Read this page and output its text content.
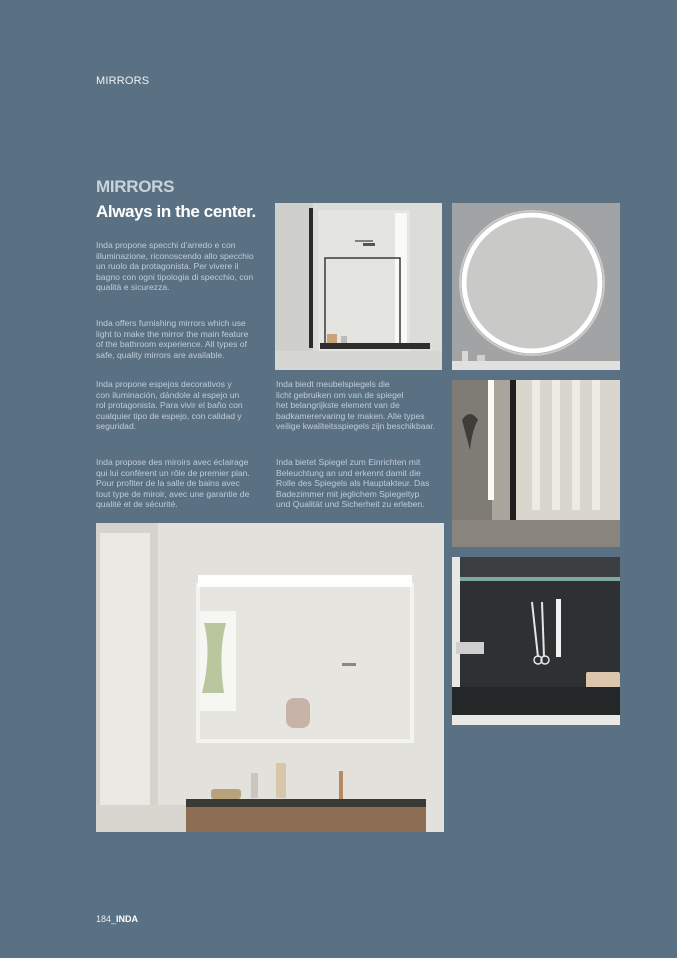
MIRRORS
MIRRORS
Always in the center.
Inda propone specchi d’arredo e con
illuminazione, riconoscendo allo specchio
un ruolo da protagonista. Per vivere il
bagno con ogni tipologia di specchio, con
qualità e sicurezza.
Inda offers furnishing mirrors which use
light to make the mirror the main feature
of the bathroom experience. All types of
safe, quality mirrors are available.
Inda propone espejos decorativos y
con iluminación, dándole al espejo un
rol protagonista. Para vivir el baño con
cualquier tipo de espejo, con calidad y
seguridad.
Inda propose des miroirs avec éclairage
qui lui confèrent un rôle de premier plan.
Pour profiter de la salle de bains avec
tout type de miroir, avec une garantie de
qualité et de sécurité.
Inda biedt meubelspiegels die
licht gebruiken om van de spiegel
het belangrijkste element van de
badkamerervaring te maken. Alle types
veilige kwaliteitsspiegels zijn beschikbaar.
Inda bietet Spiegel zum Einrichten mit
Beleuchtung an und erkennt damit die
Rolle des Spiegels als Hauptakteur. Das
Badezimmer mit jeglichem Spiegeltyp
und Qualität und Sicherheit zu erleben.
184_INDA
